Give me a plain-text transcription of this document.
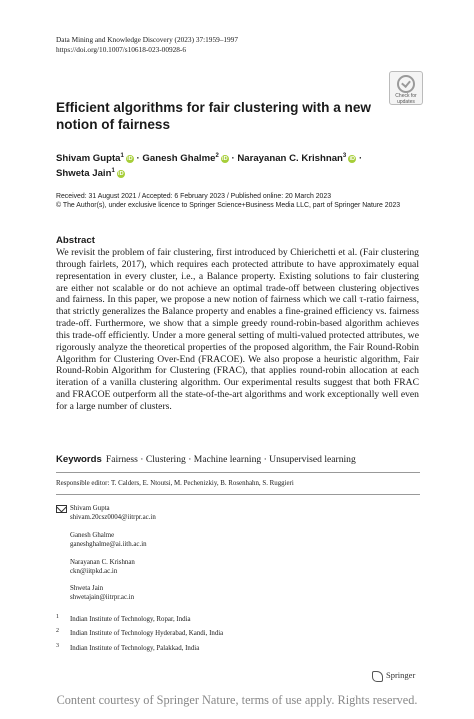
Data Mining and Knowledge Discovery (2023) 37:1959–1997
https://doi.org/10.1007/s10618-023-00928-6
Check for
updates
Efficient algorithms for fair clustering with a new notion of fairness
Shivam Gupta$^1$ iD · Ganesh Ghalme$^2$ iD · Narayanan C. Krishnan$^3$ iD ·
Shweta Jain$^1$ iD
Received: 31 August 2021 / Accepted: 6 February 2023 / Published online: 20 March 2023
© The Author(s), under exclusive licence to Springer Science+Business Media LLC, part of Springer Nature 2023
Abstract
We revisit the problem of fair clustering, first introduced by Chierichetti et al. (Fair clustering through fairlets, 2017), which requires each protected attribute to have approximately equal representation in every cluster, i.e., a Balance property. Existing solutions to fair clustering are either not scalable or do not achieve an optimal trade-off between clustering objectives and fairness. In this paper, we propose a new notion of fairness which we call τ-ratio fairness, that strictly generalizes the Balance property and enables a fine-grained efficiency vs. fairness trade-off. Furthermore, we show that a simple greedy round-robin-based algorithm achieves this trade-off efficiently. Under a more general setting of multi-valued protected attributes, we rigorously analyze the theoretical properties of the proposed algorithm, the Fair Round-Robin Algorithm for Clustering Over-End (FRACOE). We also propose a heuristic algorithm, Fair Round-Robin Algorithm for Clustering (FRAC), that applies round-robin allocation at each iteration of a vanilla clustering algorithm. Our experimental results suggest that both FRAC and FRACOE outperform all the state-of-the-art algorithms and work exceptionally well even for a large number of clusters.
Keywords Fairness · Clustering · Machine learning · Unsupervised learning
Responsible editor: T. Calders, E. Ntoutsi, M. Pechenizkiy, B. Rosenhahn, S. Ruggieri
Shivam Gupta
shivam.20csz0004@iitrpr.ac.in
Ganesh Ghalme
ganeshghalme@ai.iith.ac.in
Narayanan C. Krishnan
ckn@iitpkd.ac.in
Shweta Jain
shwetajain@iitrpr.ac.in
1 Indian Institute of Technology, Ropar, India
2 Indian Institute of Technology Hyderabad, Kandi, India
3 Indian Institute of Technology, Palakkad, India
Springer
Content courtesy of Springer Nature, terms of use apply. Rights reserved.
